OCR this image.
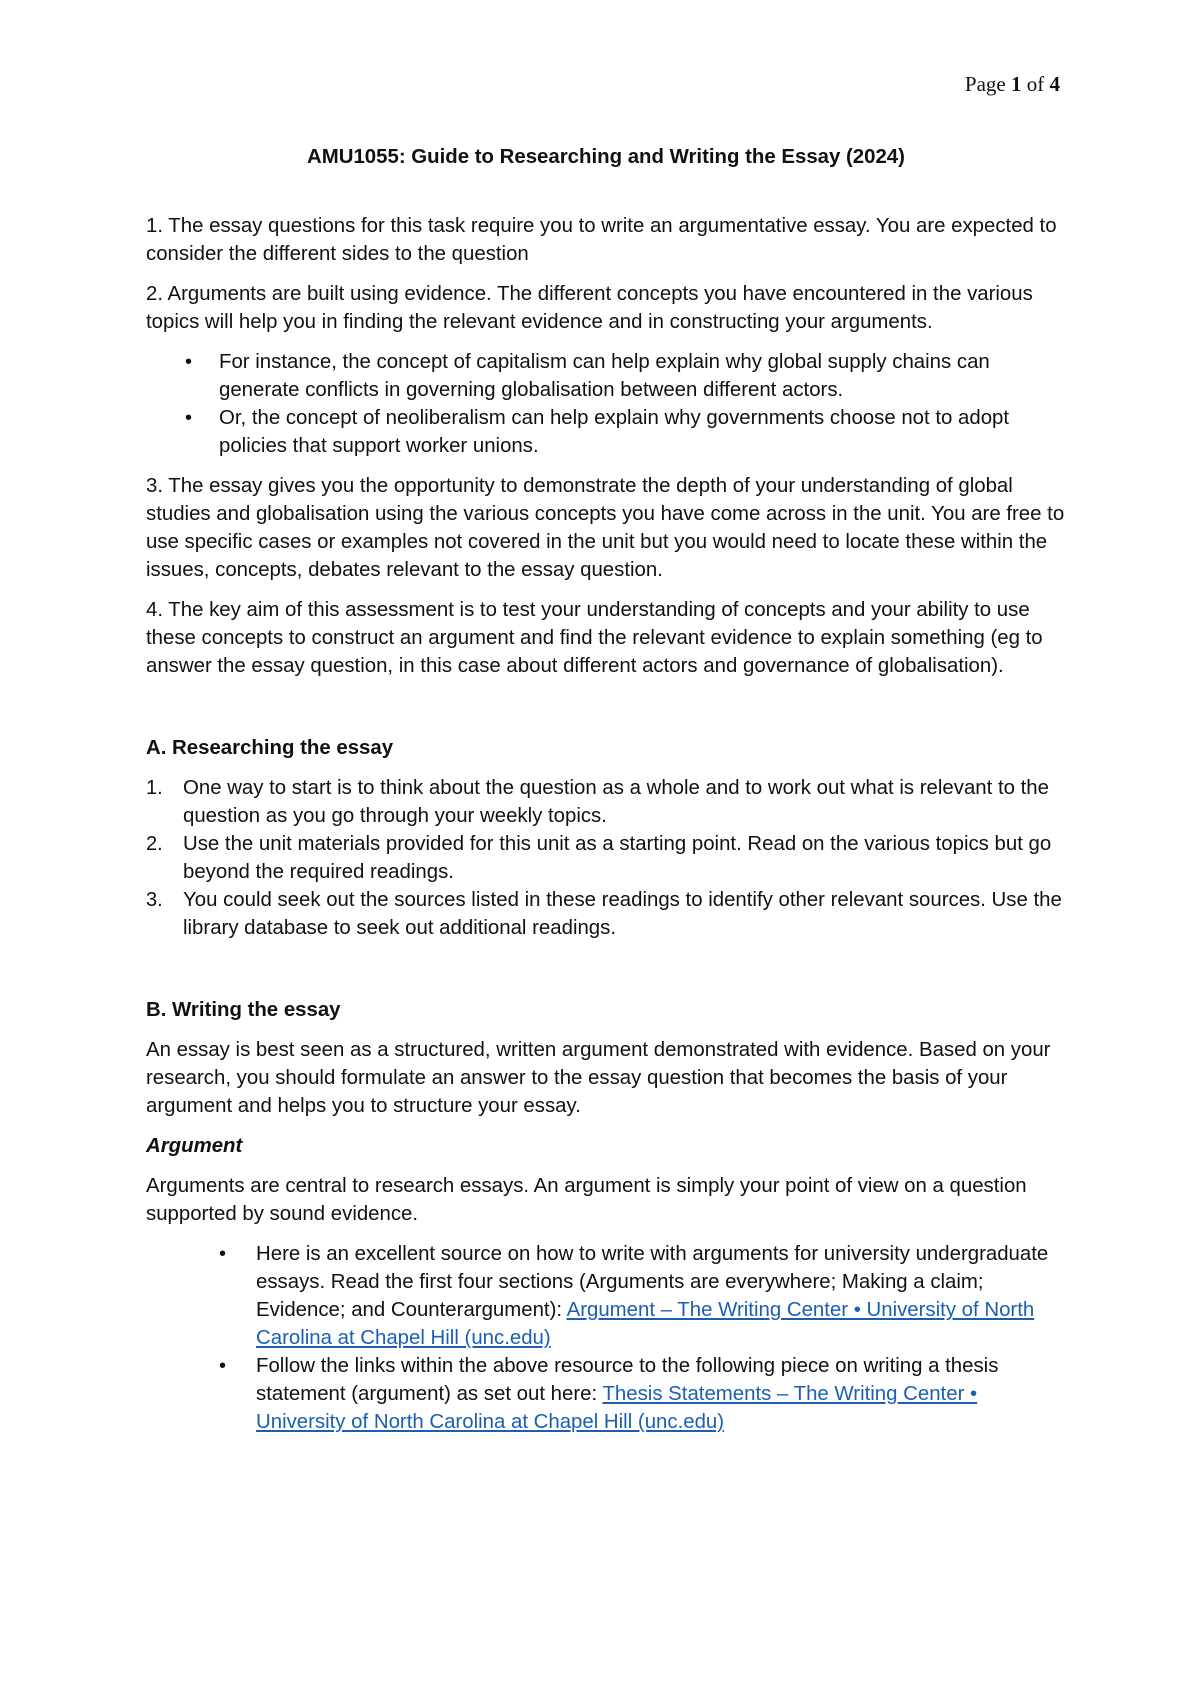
Page 1 of 4
AMU1055: Guide to Researching and Writing the Essay (2024)

1. The essay questions for this task require you to write an argumentative essay. You are expected to consider the different sides to the question

2. Arguments are built using evidence. The different concepts you have encountered in the various topics will help you in finding the relevant evidence and in constructing your arguments.

• For instance, the concept of capitalism can help explain why global supply chains can generate conflicts in governing globalisation between different actors.
• Or, the concept of neoliberalism can help explain why governments choose not to adopt policies that support worker unions.

3. The essay gives you the opportunity to demonstrate the depth of your understanding of global studies and globalisation using the various concepts you have come across in the unit. You are free to use specific cases or examples not covered in the unit but you would need to locate these within the issues, concepts, debates relevant to the essay question.

4. The key aim of this assessment is to test your understanding of concepts and your ability to use these concepts to construct an argument and find the relevant evidence to explain something (eg to answer the essay question, in this case about different actors and governance of globalisation).

A. Researching the essay
1. One way to start is to think about the question as a whole and to work out what is relevant to the question as you go through your weekly topics.
2. Use the unit materials provided for this unit as a starting point. Read on the various topics but go beyond the required readings.
3. You could seek out the sources listed in these readings to identify other relevant sources. Use the library database to seek out additional readings.
B. Writing the essay

An essay is best seen as a structured, written argument demonstrated with evidence. Based on your research, you should formulate an answer to the essay question that becomes the basis of your argument and helps you to structure your essay.

Argument

Arguments are central to research essays. An argument is simply your point of view on a question supported by sound evidence.

• Here is an excellent source on how to write with arguments for university undergraduate essays. Read the first four sections (Arguments are everywhere; Making a claim; Evidence; and Counterargument): Argument – The Writing Center • University of North Carolina at Chapel Hill (unc.edu)
• Follow the links within the above resource to the following piece on writing a thesis statement (argument) as set out here: Thesis Statements – The Writing Center • University of North Carolina at Chapel Hill (unc.edu)
